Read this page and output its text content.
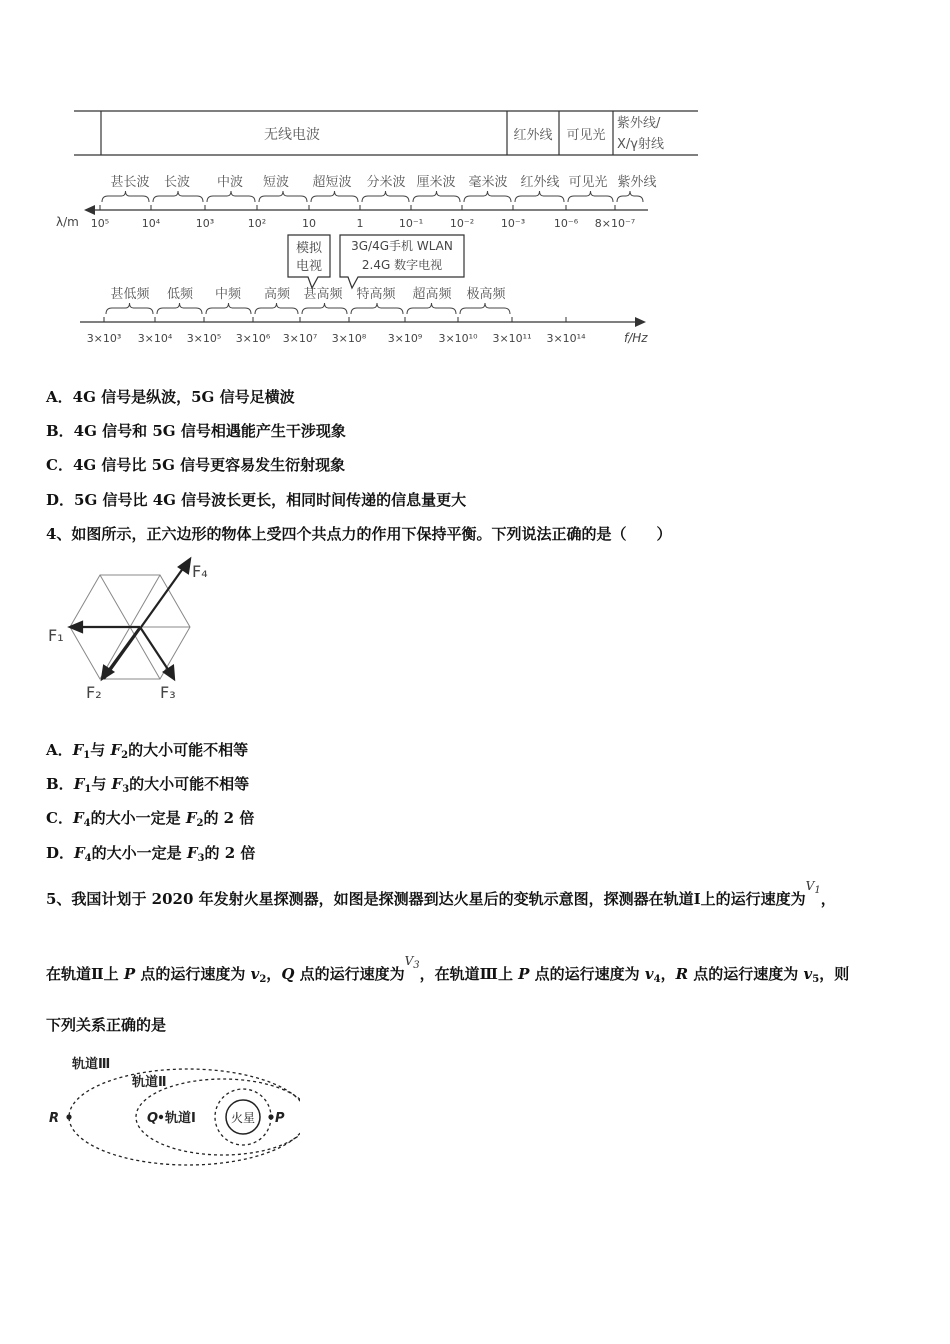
无线电波	红外线 可见光
紫外线/
X/γ射线
甚长波 长波 中波 短波 超短波 分米波 厘米波 毫米波 红外线 可见光 紫外线
λ/m 10⁵	10⁴	10³	10²	10	1	10⁻¹ 10⁻² 10⁻³	10⁻⁶ 8×10⁻⁷
模拟
电视
3G/4G手机 WLAN
2.4G 数字电视
甚低频 低频 中频 高频 甚高频 特高频 超高频 极高频
3×10³ 3×10⁴ 3×10⁵ 3×10⁶ 3×10⁷ 3×10⁸ 3×10⁹ 3×10¹⁰ 3×10¹¹ 3×10¹⁴	f/Hz
A．4G 信号是纵波，5G 信号足横波
B．4G 信号和 5G 信号相遇能产生干涉现象
C．4G 信号比 5G 信号更容易发生衍射现象
D．5G 信号比 4G 信号波长更长，相同时间传递的信息量更大
4、如图所示，正六边形的物体上受四个共点力的作用下保持平衡。下列说法正确的是（　　）
F₁
F₂	F₃
F₄
A．$F_1$与 $F_2$的大小可能不相等
B．$F_1$与 $F_3$的大小可能不相等
C．$F_4$的大小一定是 $F_2$的 2 倍
D．$F_4$的大小一定是 $F_3$的 2 倍
5、我国计划于 2020 年发射火星探测器，如图是探测器到达火星后的变轨示意图，探测器在轨道Ⅰ上的运行速度为$^{V_1}$，
在轨道Ⅱ上 P 点的运行速度为 $v_2$，Q 点的运行速度为$^{V_3}$，在轨道Ⅲ上 P 点的运行速度为 $v_4$，R 点的运行速度为 $v_5$，则
下列关系正确的是
火星
轨道Ⅲ
轨道Ⅱ
轨道Ⅰ
R	Q	P
